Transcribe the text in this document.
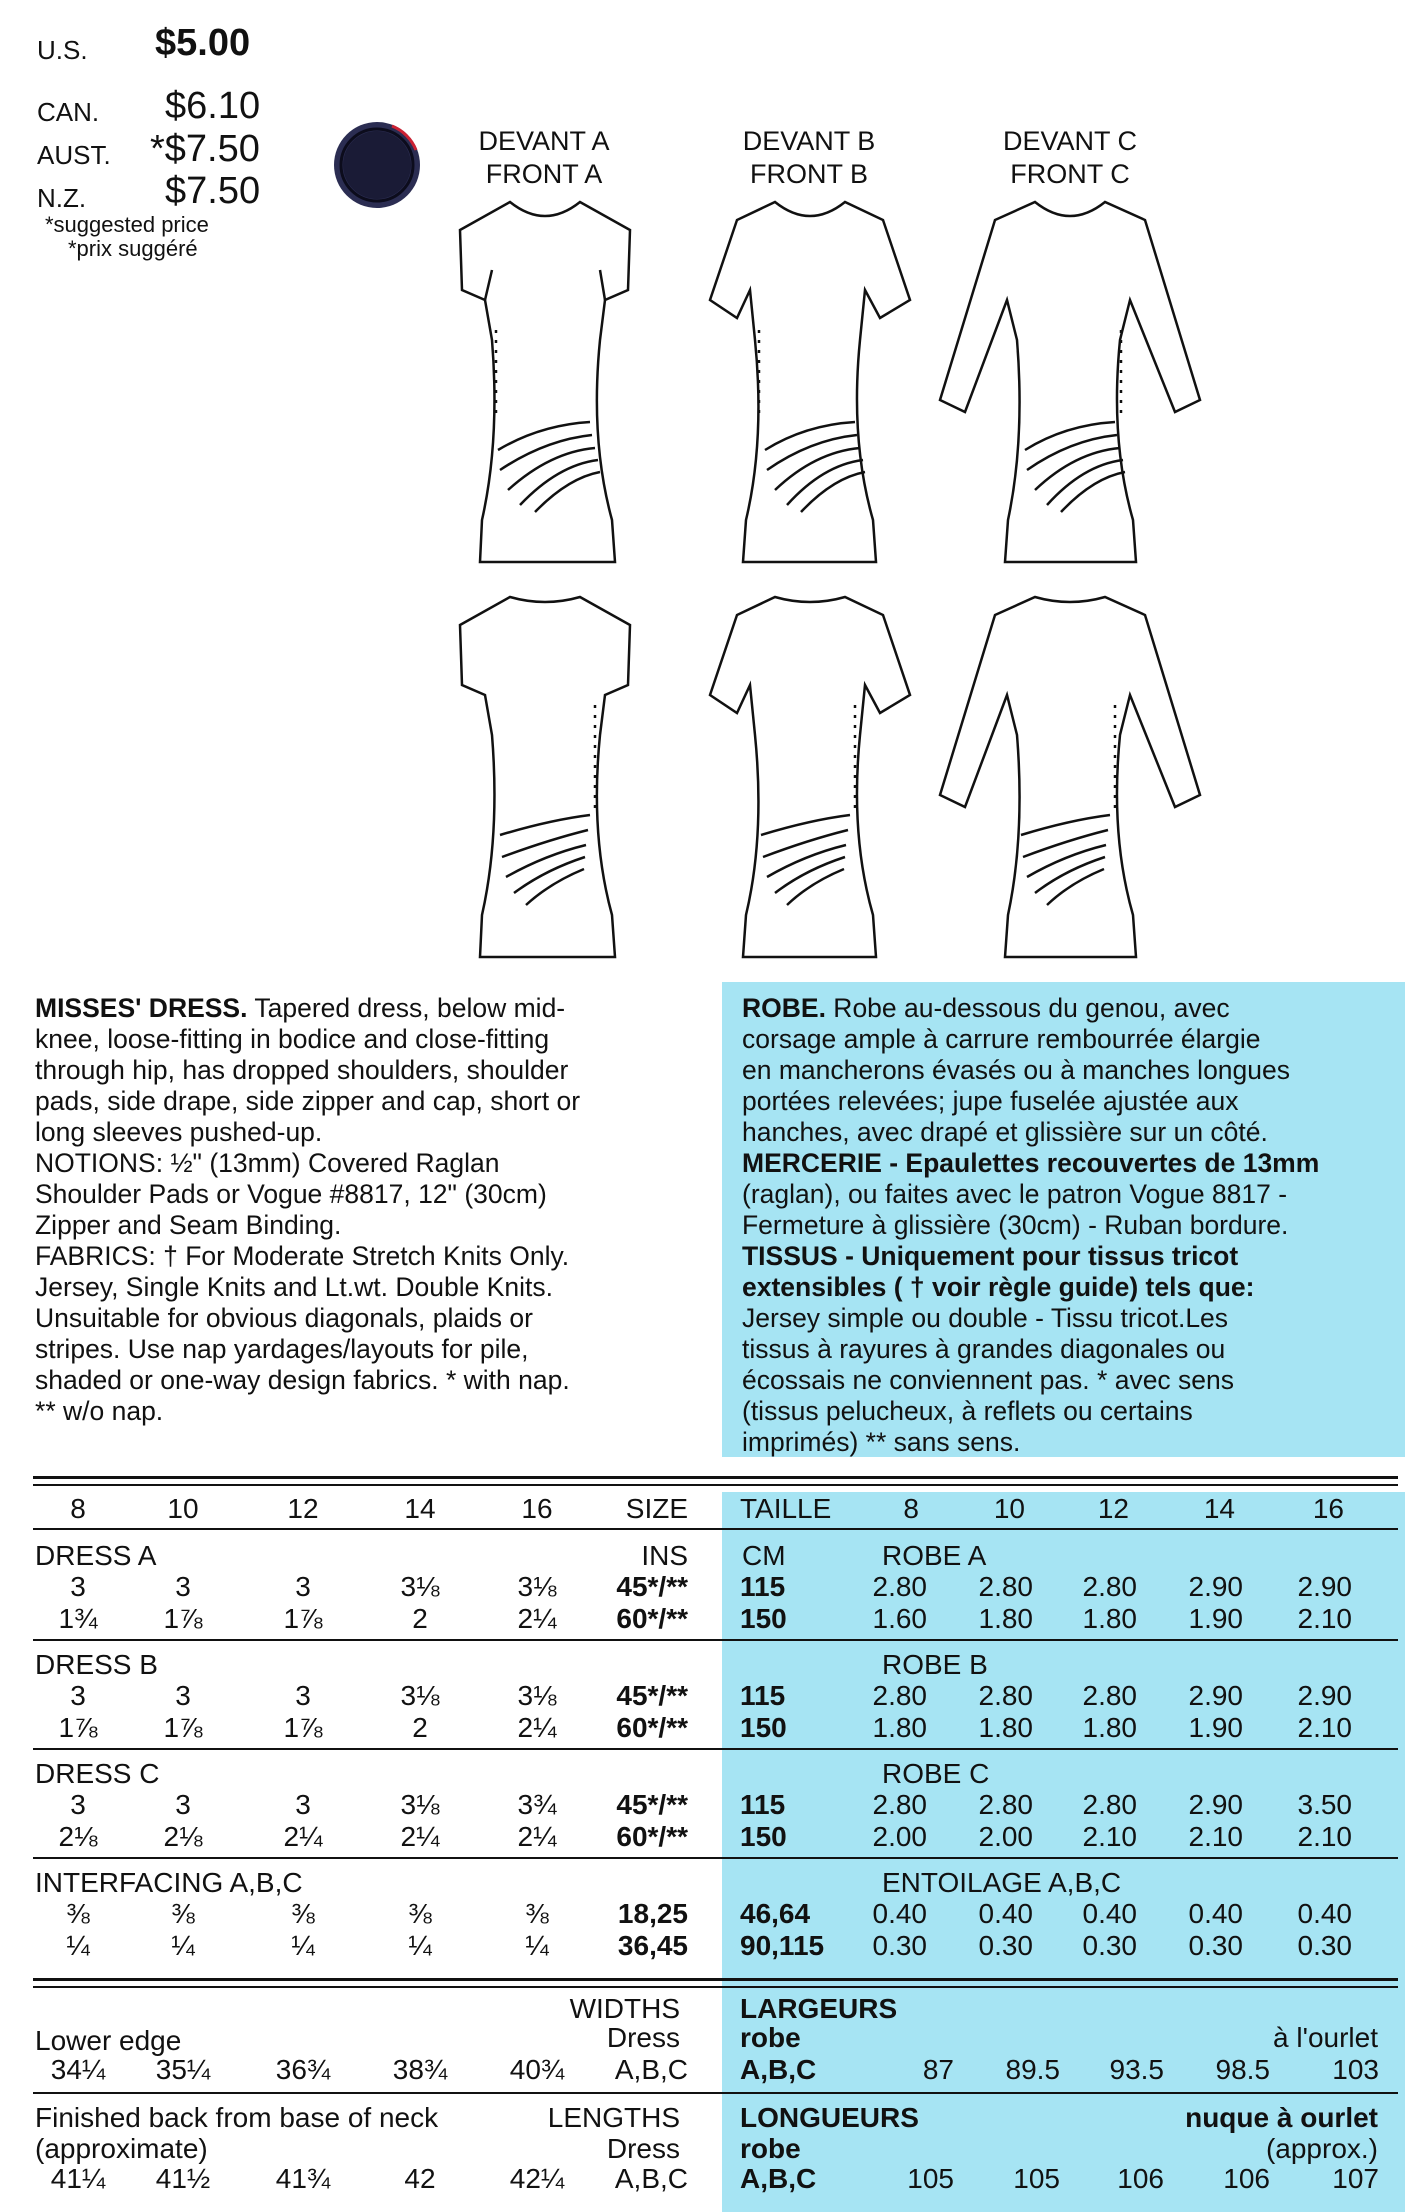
U.S. $5.00
CAN. $6.10
AUST. *$7.50
N.Z. $7.50
*suggested price
*prix suggéré
DEVANT A
FRONT A
DEVANT B
FRONT B
DEVANT C
FRONT C
MISSES' DRESS. Tapered dress, below mid-
knee, loose-fitting in bodice and close-fitting
through hip, has dropped shoulders, shoulder
pads, side drape, side zipper and cap, short or
long sleeves pushed-up.
NOTIONS: ½" (13mm) Covered Raglan
Shoulder Pads or Vogue #8817, 12" (30cm)
Zipper and Seam Binding.
FABRICS: † For Moderate Stretch Knits Only.
Jersey, Single Knits and Lt.wt. Double Knits.
Unsuitable for obvious diagonals, plaids or
stripes. Use nap yardages/layouts for pile,
shaded or one-way design fabrics. * with nap.
** w/o nap.
ROBE. Robe au-dessous du genou, avec
corsage ample à carrure rembourrée élargie
en mancherons évasés ou à manches longues
portées relevées; jupe fuselée ajustée aux
hanches, avec drapé et glissière sur un côté.
MERCERIE - Epaulettes recouvertes de 13mm
(raglan), ou faites avec le patron Vogue 8817 -
Fermeture à glissière (30cm) - Ruban bordure.
TISSUS - Uniquement pour tissus tricot
extensibles ( † voir règle guide) tels que:
Jersey simple ou double - Tissu tricot.Les
tissus à rayures à grandes diagonales ou
écossais ne conviennent pas. * avec sens
(tissus pelucheux, à reflets ou certains
imprimés) ** sans sens.
8	10	12	14	16	SIZE TAILLE	8	10	12	14	16
DRESS A	ROBE A
INS CM
3	3	3	3⅛	3⅛	45*/** 115	2.80	2.80	2.80	2.90	2.90
1¾	1⅞	1⅞	2	2¼	60*/** 150	1.60	1.80	1.80	1.90	2.10
DRESS B	ROBE B
3	3	3	3⅛	3⅛	45*/** 115	2.80	2.80	2.80	2.90	2.90
1⅞	1⅞	1⅞	2	2¼	60*/** 150	1.80	1.80	1.80	1.90	2.10
DRESS C	ROBE C
3	3	3	3⅛	3¾	45*/** 115	2.80	2.80	2.80	2.90	3.50
2⅛	2⅛	2¼	2¼	2¼	60*/** 150	2.00	2.00	2.10	2.10	2.10
INTERFACING A,B,C	ENTOILAGE A,B,C
⅜	⅜	⅜	⅜	⅜	18,25 46,64	0.40	0.40	0.40	0.40	0.40
¼	¼	¼	¼	¼	36,45 90,115	0.30	0.30	0.30	0.30	0.30
WIDTHS LARGEURS
Lower edge	Dress robe	à l'ourlet
34¼	35¼	36¾	38¾	40¾	A,B,C A,B,C	87	89.5	93.5	98.5	103
Finished back from base of neck	LENGTHS LONGUEURS	nuque à ourlet
(approximate)	Dress robe	(approx.)
41¼	41½	41¾	42	42¼	A,B,C A,B,C	105	105	106	106	107
